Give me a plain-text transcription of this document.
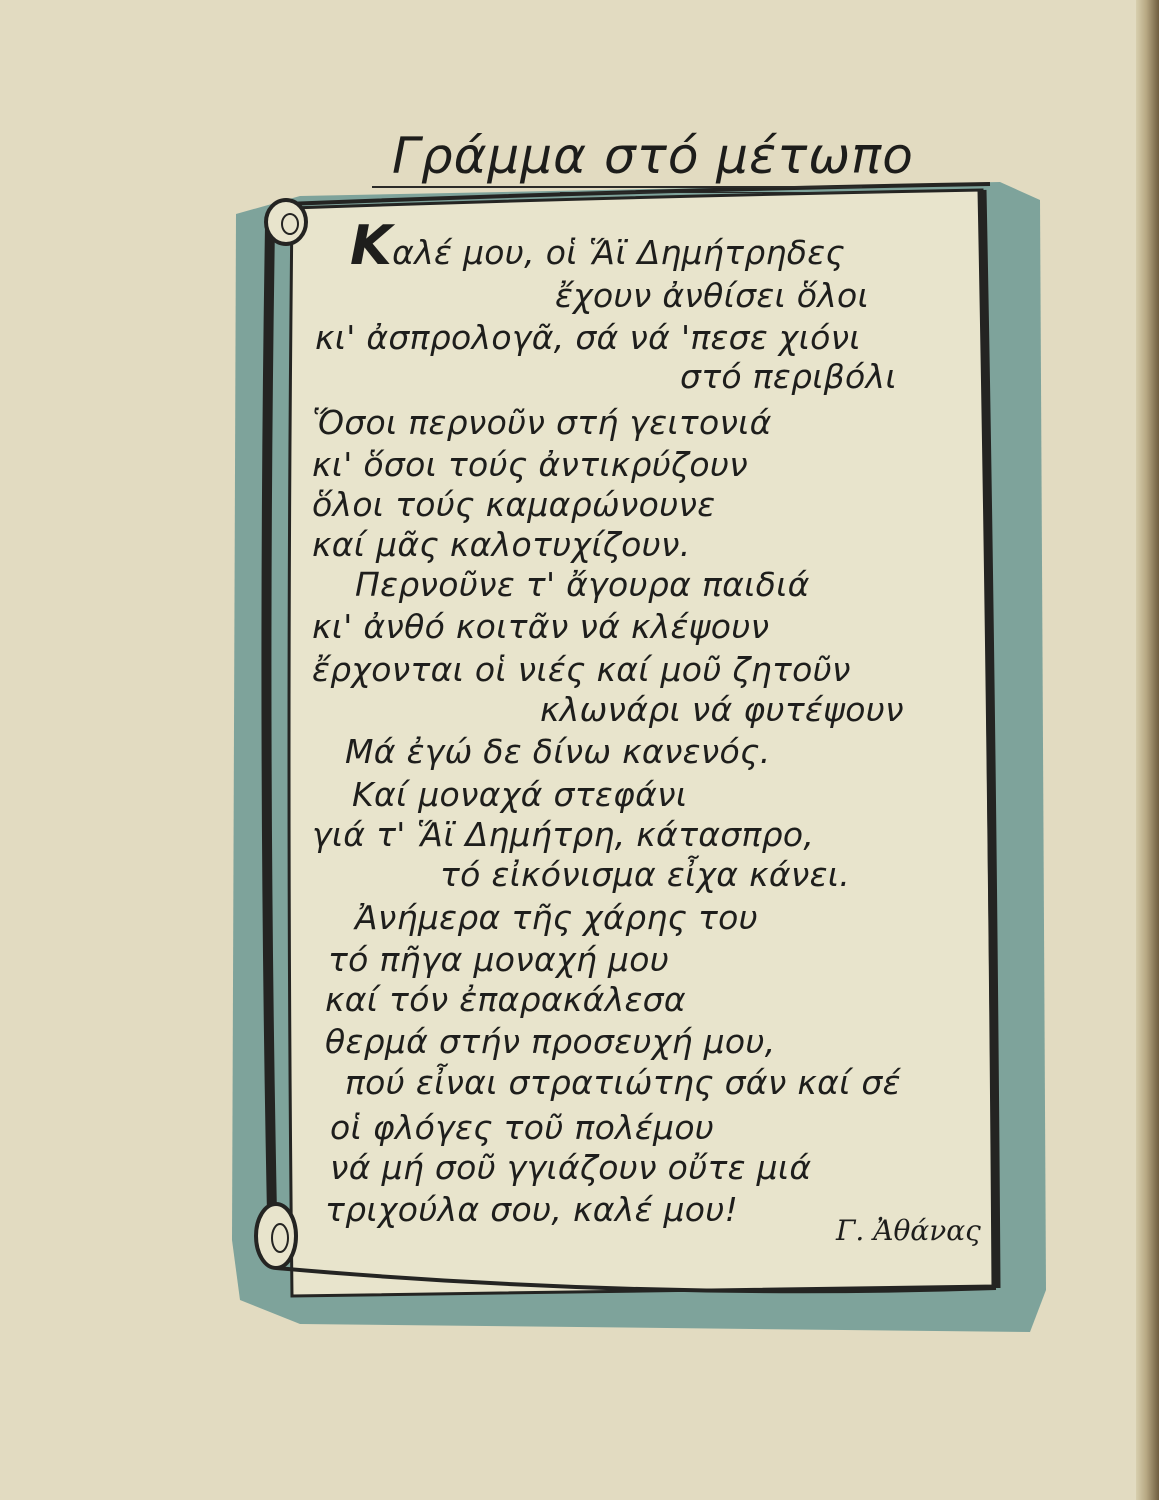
Γράμμα στό μέτωπο
Καλέ μου, οἱ Ἅϊ Δημήτρηδες
ἔχουν ἀνθίσει ὅλοι
κι' ἀσπρολογᾶ, σά νά 'πεσε χιόνι
στό περιβόλι
Ὅσοι περνοῦν στή γειτονιά
κι' ὅσοι τούς ἀντικρύζουν
ὅλοι τούς καμαρώνουνε
καί μᾶς καλοτυχίζουν.
Περνοῦνε τ' ἄγουρα παιδιά
κι' ἀνθό κοιτᾶν νά κλέψουν
ἔρχονται οἱ νιές καί μοῦ ζητοῦν
κλωνάρι νά φυτέψουν
Μά ἐγώ δε δίνω κανενός.
Καί μοναχά στεφάνι
γιά τ' Ἅϊ Δημήτρη, κάτασπρο,
τό εἰκόνισμα εἶχα κάνει.
Ἀνήμερα τῆς χάρης του
τό πῆγα μοναχή μου
καί τόν ἐπαρακάλεσα
θερμά στήν προσευχή μου,
πού εἶναι στρατιώτης σάν καί σέ
οἱ φλόγες τοῦ πολέμου
νά μή σοῦ γγιάζουν οὔτε μιά
τριχούλα σου, καλέ μου!
Γ. Ἀθάνας
